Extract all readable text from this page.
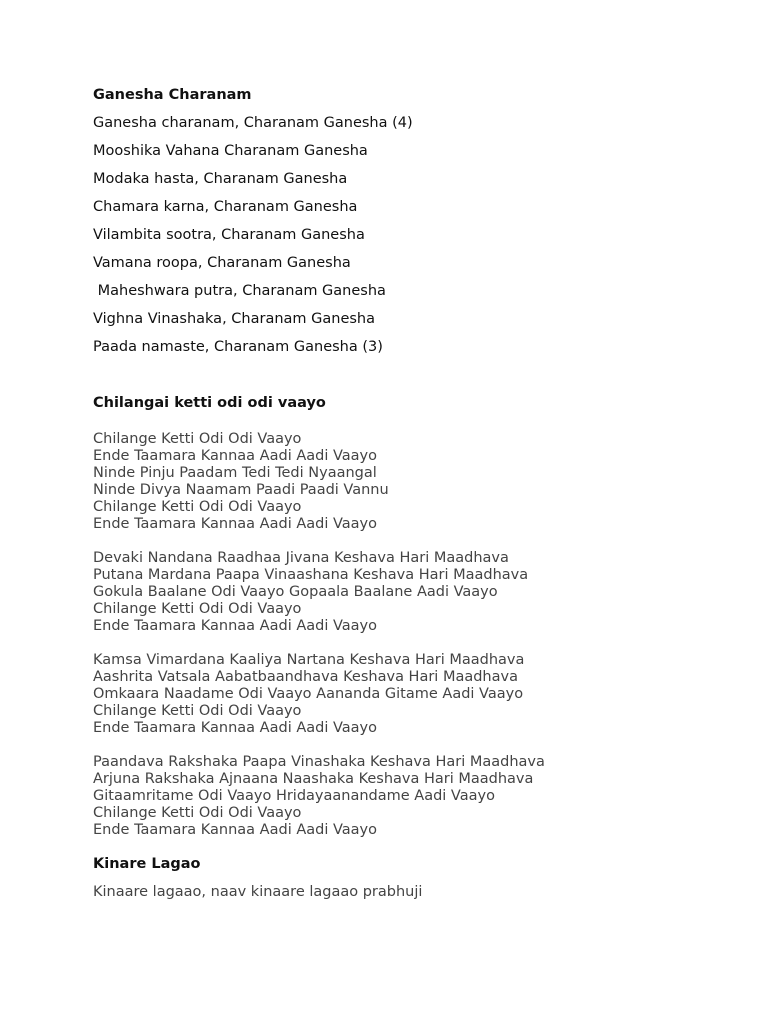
Ganesha Charanam
Ganesha charanam, Charanam Ganesha (4)
Mooshika Vahana Charanam Ganesha
Modaka hasta, Charanam Ganesha
Chamara karna, Charanam Ganesha
Vilambita sootra, Charanam Ganesha
Vamana roopa, Charanam Ganesha
Maheshwara putra, Charanam Ganesha
Vighna Vinashaka, Charanam Ganesha
Paada namaste, Charanam Ganesha (3)
Chilangai ketti odi odi vaayo
Chilange Ketti Odi Odi Vaayo
Ende Taamara Kannaa Aadi Aadi Vaayo
Ninde Pinju Paadam Tedi Tedi Nyaangal
Ninde Divya Naamam Paadi Paadi Vannu
Chilange Ketti Odi Odi Vaayo
Ende Taamara Kannaa Aadi Aadi Vaayo
Devaki Nandana Raadhaa Jivana Keshava Hari Maadhava
Putana Mardana Paapa Vinaashana Keshava Hari Maadhava
Gokula Baalane Odi Vaayo Gopaala Baalane Aadi Vaayo
Chilange Ketti Odi Odi Vaayo
Ende Taamara Kannaa Aadi Aadi Vaayo
Kamsa Vimardana Kaaliya Nartana Keshava Hari Maadhava
Aashrita Vatsala Aabatbaandhava Keshava Hari Maadhava
Omkaara Naadame Odi Vaayo Aananda Gitame Aadi Vaayo
Chilange Ketti Odi Odi Vaayo
Ende Taamara Kannaa Aadi Aadi Vaayo
Paandava Rakshaka Paapa Vinashaka Keshava Hari Maadhava
Arjuna Rakshaka Ajnaana Naashaka Keshava Hari Maadhava
Gitaamritame Odi Vaayo Hridayaanandame Aadi Vaayo
Chilange Ketti Odi Odi Vaayo
Ende Taamara Kannaa Aadi Aadi Vaayo
Kinare Lagao
Kinaare lagaao, naav kinaare lagaao prabhuji
